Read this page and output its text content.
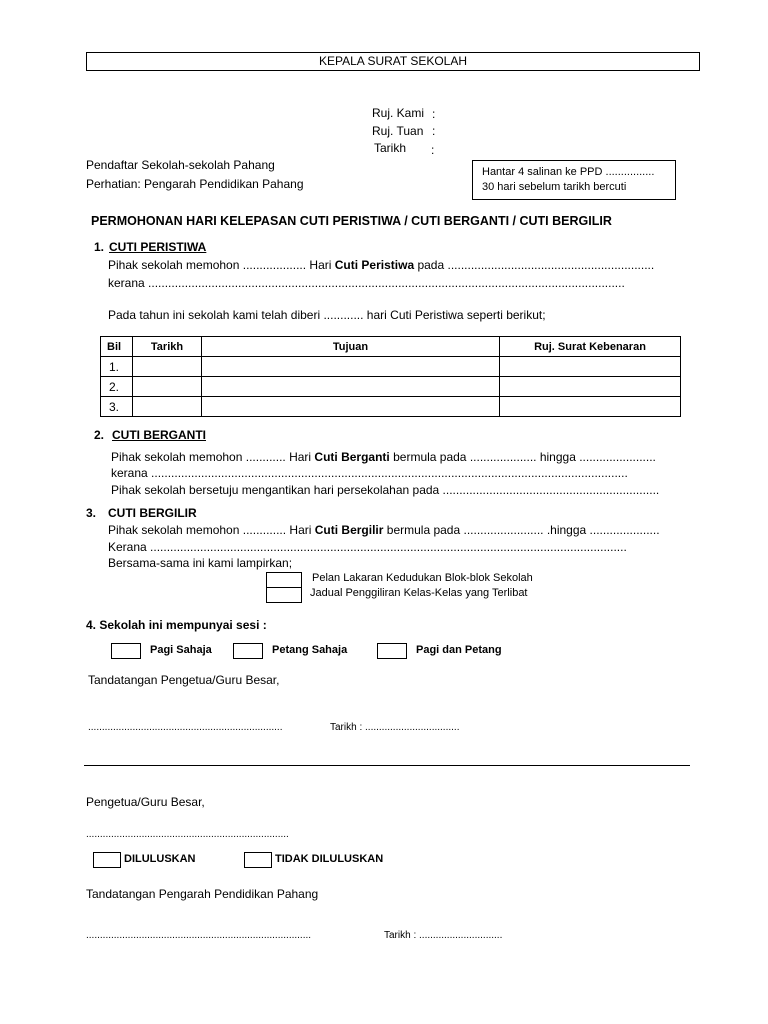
KEPALA SURAT SEKOLAH
Ruj. Kami :
Ruj. Tuan :
Tarikh :
Pendaftar Sekolah-sekolah Pahang
Perhatian: Pengarah Pendidikan Pahang
Hantar 4 salinan ke PPD ................
30 hari sebelum tarikh bercuti
PERMOHONAN HARI KELEPASAN CUTI PERISTIWA / CUTI BERGANTI / CUTI BERGILIR
1. CUTI PERISTIWA
Pihak sekolah memohon ................... Hari Cuti Peristiwa pada ..............................................................
kerana ...............................................................................................................................................
Pada tahun ini sekolah kami telah diberi ............ hari Cuti Peristiwa seperti berikut;
Bil	Tarikh	Tujuan	Ruj. Surat Kebenaran
1.			
2.			
3.			
2. CUTI BERGANTI
Pihak sekolah memohon ............ Hari Cuti Berganti bermula pada .................... hingga .......................
kerana ...............................................................................................................................................
Pihak sekolah bersetuju mengantikan hari persekolahan pada .................................................................
3. CUTI BERGILIR
Pihak sekolah memohon ............. Hari Cuti Bergilir bermula pada ........................ .hingga .....................
Kerana ...............................................................................................................................................
Bersama-sama ini kami lampirkan;
Pelan Lakaran Kedudukan Blok-blok Sekolah
Jadual Penggiliran Kelas-Kelas yang Terlibat
4. Sekolah ini mempunyai sesi :
Pagi Sahaja	Petang Sahaja	Pagi dan Petang
Tandatangan Pengetua/Guru Besar,
......................................................................	Tarikh : ..................................
Pengetua/Guru Besar,
.........................................................................
DILULUSKAN	TIDAK DILULUSKAN
Tandatangan Pengarah Pendidikan Pahang
.................................................................................	Tarikh : ..............................
